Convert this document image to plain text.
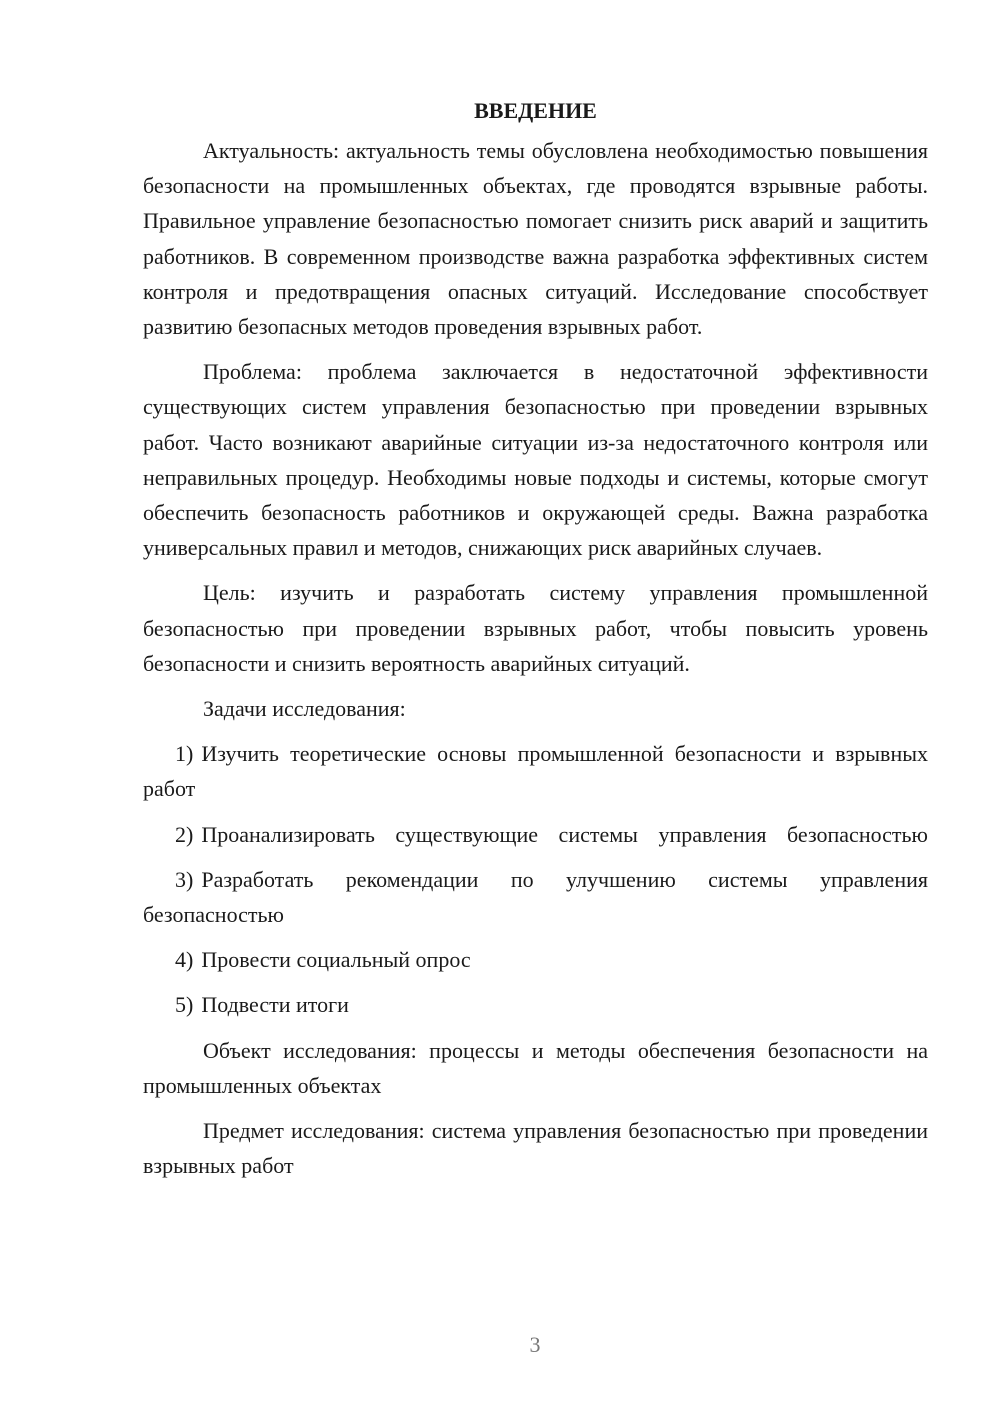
ВВЕДЕНИЕ

Актуальность: актуальность темы обусловлена необходимостью повышения безопасности на промышленных объектах, где проводятся взрывные работы. Правильное управление безопасностью помогает снизить риск аварий и защитить работников. В современном производстве важна разработка эффективных систем контроля и предотвращения опасных ситуаций. Исследование способствует развитию безопасных методов проведения взрывных работ.

Проблема: проблема заключается в недостаточной эффективности существующих систем управления безопасностью при проведении взрывных работ. Часто возникают аварийные ситуации из-за недостаточного контроля или неправильных процедур. Необходимы новые подходы и системы, которые смогут обеспечить безопасность работников и окружающей среды. Важна разработка универсальных правил и методов, снижающих риск аварийных случаев.

Цель: изучить и разработать систему управления промышленной безопасностью при проведении взрывных работ, чтобы повысить уровень безопасности и снизить вероятность аварийных ситуаций.

Задачи исследования:

1) Изучить теоретические основы промышленной безопасности и взрывных работ
2) Проанализировать существующие системы управления безопасностью
3) Разработать рекомендации по улучшению системы управления безопасностью
4) Провести социальный опрос
5) Подвести итоги

Объект исследования: процессы и методы обеспечения безопасности на промышленных объектах

Предмет исследования: система управления безопасностью при проведении взрывных работ

3
